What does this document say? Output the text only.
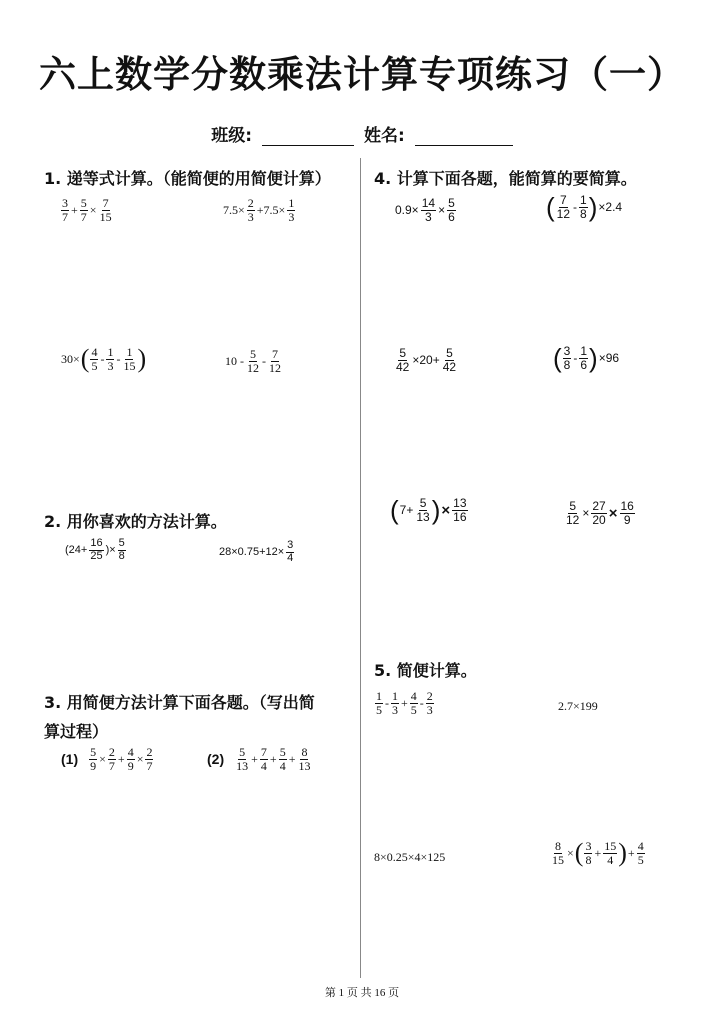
六上数学分数乘法计算专项练习（一）
班级:	姓名:
1. 递等式计算。（能简便的用简便计算）
$\frac{3}{7} + \frac{5}{7} \times \frac{7}{15}$	$7.5\times \frac{2}{3} +7.5\times \frac{1}{3}$
$30\times( \frac{4}{5} - \frac{1}{3} - \frac{1}{15}$ )	$10 - \frac{5}{12} - \frac{7}{12}$
2. 用你喜欢的方法计算。
($24+ \frac{16}{25}$ )× $\frac{5}{8}$	$28\times 0.75+12\times \frac{3}{4}$
3. 用简便方法计算下面各题。（写出简
算过程）
$(1) \frac{5}{9} \times \frac{2}{7} + \frac{4}{9} \times \frac{2}{7}$	$(2) \frac{5}{13} + \frac{7}{4} + \frac{5}{4} + \frac{8}{13}$
4. 计算下面各题，能简算的要简算。
$0.9\times \frac{14}{3} \times \frac{5}{6}$	( $\frac{7}{12} - \frac{1}{8} )\times 2.4$
$\frac{5}{42} \times 20+ \frac{5}{42}$	( $\frac{3}{8} - \frac{1}{6} )\times 96$
($7+ \frac{5}{13}$ )× $\frac{13}{16}$	$\frac{5}{12} \times \frac{27}{20} \times \frac{16}{9}$
5. 简便计算。
$\frac{1}{5} - \frac{1}{3} + \frac{4}{5} - \frac{2}{3}$	2.7×199
8×0.25×4×125	$\frac{8}{15}$ ×( $\frac{3}{8} + \frac{15}{4}$ )+ $\frac{4}{5}$
第 1 页 共 16 页
